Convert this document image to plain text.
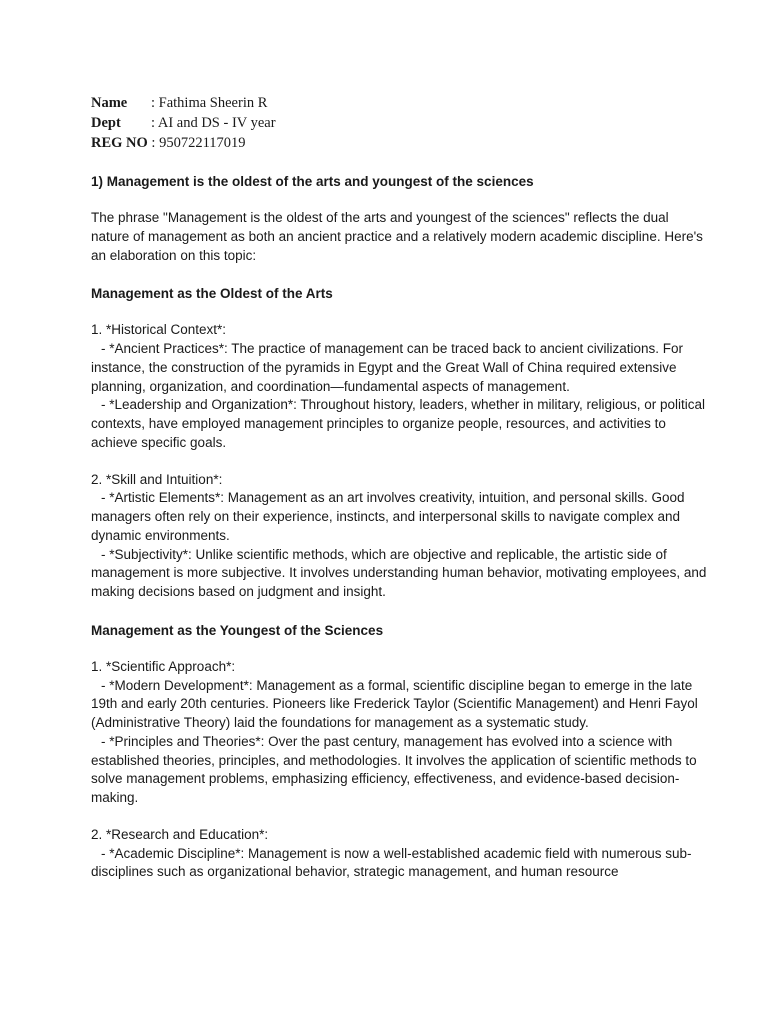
Name : Fathima Sheerin R
Dept : AI and DS - IV year
REG NO : 950722117019
1) Management is the oldest of the arts and youngest of the sciences

The phrase "Management is the oldest of the arts and youngest of the sciences" reflects the dual nature of management as both an ancient practice and a relatively modern academic discipline. Here's an elaboration on this topic:

Management as the Oldest of the Arts

1. *Historical Context*:

- *Ancient Practices*: The practice of management can be traced back to ancient civilizations. For instance, the construction of the pyramids in Egypt and the Great Wall of China required extensive planning, organization, and coordination—fundamental aspects of management.

- *Leadership and Organization*: Throughout history, leaders, whether in military, religious, or political contexts, have employed management principles to organize people, resources, and activities to achieve specific goals.

2. *Skill and Intuition*:

- *Artistic Elements*: Management as an art involves creativity, intuition, and personal skills. Good managers often rely on their experience, instincts, and interpersonal skills to navigate complex and dynamic environments.

- *Subjectivity*: Unlike scientific methods, which are objective and replicable, the artistic side of management is more subjective. It involves understanding human behavior, motivating employees, and making decisions based on judgment and insight.

Management as the Youngest of the Sciences

1. *Scientific Approach*:

- *Modern Development*: Management as a formal, scientific discipline began to emerge in the late 19th and early 20th centuries. Pioneers like Frederick Taylor (Scientific Management) and Henri Fayol (Administrative Theory) laid the foundations for management as a systematic study.

- *Principles and Theories*: Over the past century, management has evolved into a science with established theories, principles, and methodologies. It involves the application of scientific methods to solve management problems, emphasizing efficiency, effectiveness, and evidence-based decision-making.

2. *Research and Education*:

- *Academic Discipline*: Management is now a well-established academic field with numerous sub-disciplines such as organizational behavior, strategic management, and human resource
